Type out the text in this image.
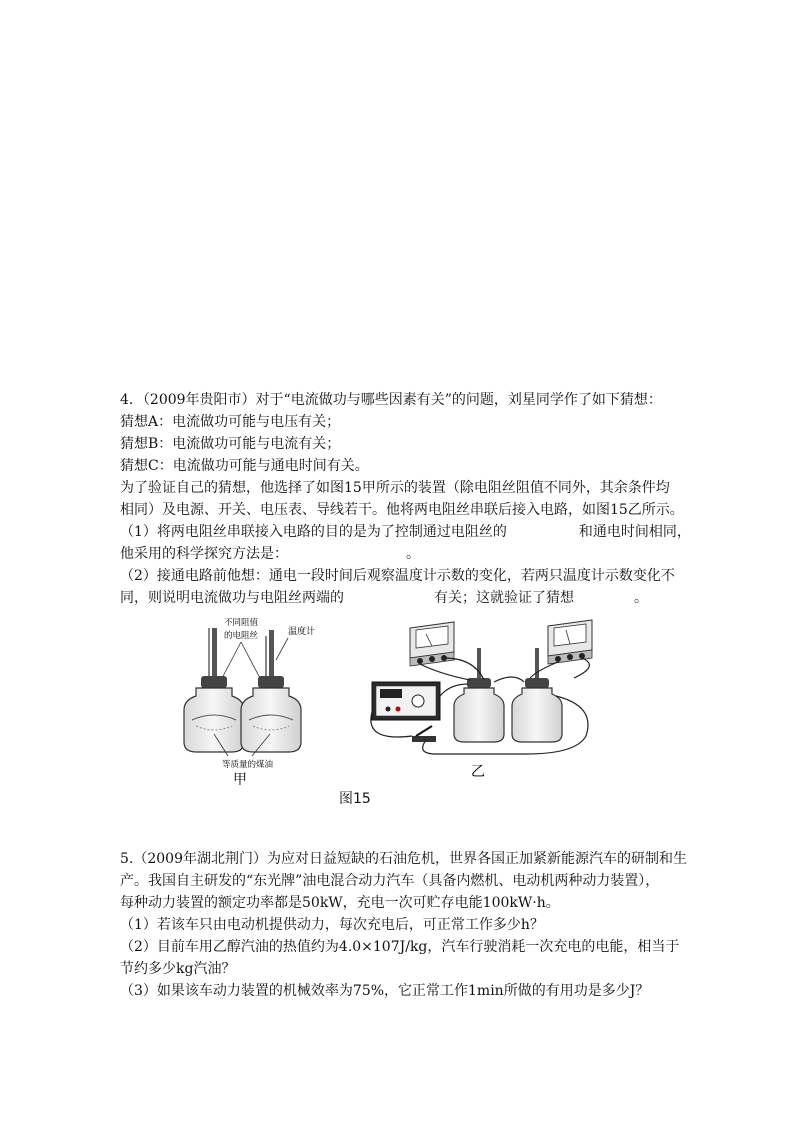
4．（2009年贵阳市）对于“电流做功与哪些因素有关”的问题，刘星同学作了如下猜想：
猜想A：电流做功可能与电压有关；
猜想B：电流做功可能与电流有关；
猜想C：电流做功可能与通电时间有关。
为了验证自己的猜想，他选择了如图15甲所示的装置（除电阻丝阻值不同外，其余条件均
相同）及电源、开关、电压表、导线若干。他将两电阻丝串联后接入电路，如图15乙所示。
（1）将两电阻丝串联接入电路的目的是为了控制通过电阻丝的	和通电时间相同，
他采用的科学探究方法是：	。
（2）接通电路前他想：通电一段时间后观察温度计示数的变化，若两只温度计示数变化不
同，则说明电流做功与电阻丝两端的	有关；这就验证了猜想	。
不同阻值
的电阻丝	温度计
等质量的煤油
甲	乙
图15
5.（2009年湖北荆门）为应对日益短缺的石油危机，世界各国正加紧新能源汽车的研制和生
产。我国自主研发的“东光牌”油电混合动力汽车（具备内燃机、电动机两种动力装置），
每种动力装置的额定功率都是50kW，充电一次可贮存电能100kW·h。
（1）若该车只由电动机提供动力，每次充电后，可正常工作多少h？
（2）目前车用乙醇汽油的热值约为4.0×107J/kg，汽车行驶消耗一次充电的电能，相当于
节约多少kg汽油？
（3）如果该车动力装置的机械效率为75%，它正常工作1min所做的有用功是多少J？
